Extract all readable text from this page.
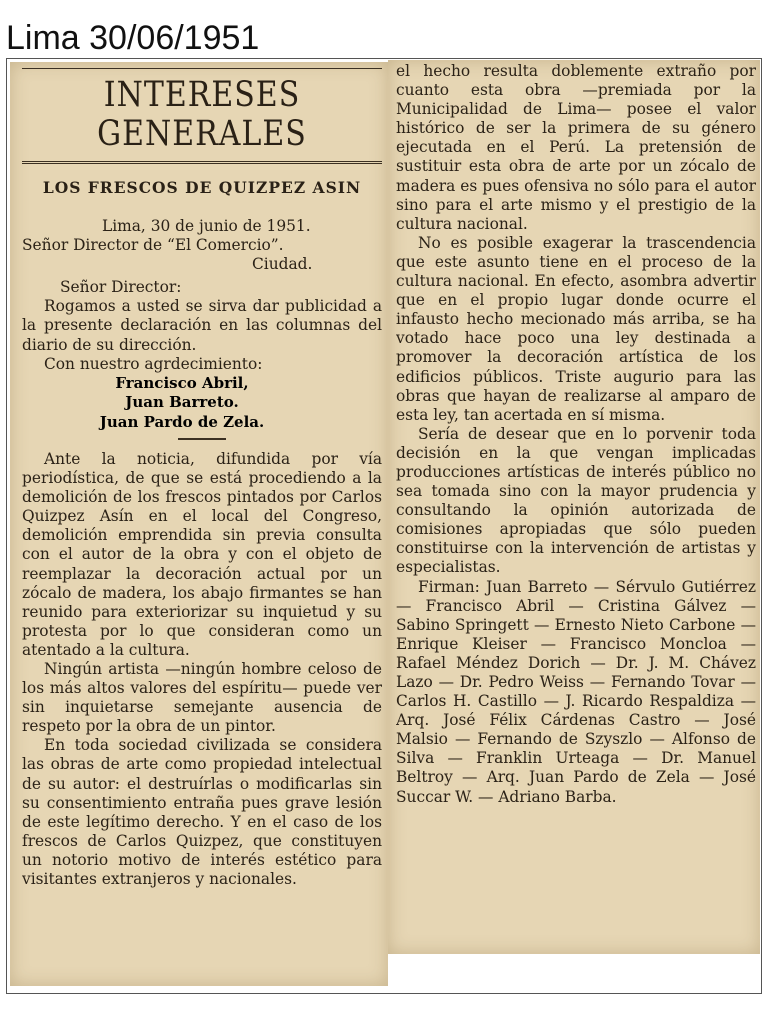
Lima 30/06/1951
INTERESES GENERALES
LOS FRESCOS DE QUIZPEZ ASIN

Lima, 30 de junio de 1951.

Señor Director de “El Comercio”.

Ciudad.

Señor Director:

Rogamos a usted se sirva dar publicidad a la presente declaración en las columnas del diario de su dirección.

Con nuestro agrdecimiento:

Francisco Abril,
Juan Barreto.
Juan Pardo de Zela.

Ante la noticia, difundida por vía periodística, de que se está procediendo a la demolición de los frescos pintados por Carlos Quizpez Asín en el local del Congreso, demolición emprendida sin previa consulta con el autor de la obra y con el objeto de reemplazar la decoración actual por un zócalo de madera, los abajo firmantes se han reunido para exteriorizar su inquietud y su protesta por lo que consideran como un atentado a la cultura.

Ningún artista —ningún hombre celoso de los más altos valores del espíritu— puede ver sin inquietarse semejante ausencia de respeto por la obra de un pintor.

En toda sociedad civilizada se considera las obras de arte como propiedad intelectual de su autor: el destruírlas o modificarlas sin su consentimiento entraña pues grave lesión de este legítimo derecho. Y en el caso de los frescos de Carlos Quizpez, que constituyen un notorio motivo de interés estético para visitantes extranjeros y nacionales.

el hecho resulta doblemente extraño por cuanto esta obra —premiada por la Municipalidad de Lima— posee el valor histórico de ser la primera de su género ejecutada en el Perú. La pretensión de sustituir esta obra de arte por un zócalo de madera es pues ofensiva no sólo para el autor sino para el arte mismo y el prestigio de la cultura nacional.

No es posible exagerar la trascendencia que este asunto tiene en el proceso de la cultura nacional. En efecto, asombra advertir que en el propio lugar donde ocurre el infausto hecho mecionado más arriba, se ha votado hace poco una ley destinada a promover la decoración artística de los edificios públicos. Triste augurio para las obras que hayan de realizarse al amparo de esta ley, tan acertada en sí misma.

Sería de desear que en lo porvenir toda decisión en la que vengan implicadas producciones artísticas de interés público no sea tomada sino con la mayor prudencia y consultando la opinión autorizada de comisiones apropiadas que sólo pueden constituirse con la intervención de artistas y especialistas.

Firman: Juan Barreto — Sérvulo Gutiérrez — Francisco Abril — Cristina Gálvez — Sabino Springett — Ernesto Nieto Carbone — Enrique Kleiser — Francisco Moncloa — Rafael Méndez Dorich — Dr. J. M. Chávez Lazo — Dr. Pedro Weiss — Fernando Tovar — Carlos H. Castillo — J. Ricardo Respaldiza — Arq. José Félix Cárdenas Castro — José Malsio — Fernando de Szyszlo — Alfonso de Silva — Franklin Urteaga — Dr. Manuel Beltroy — Arq. Juan Pardo de Zela — José Succar W. — Adriano Barba.
